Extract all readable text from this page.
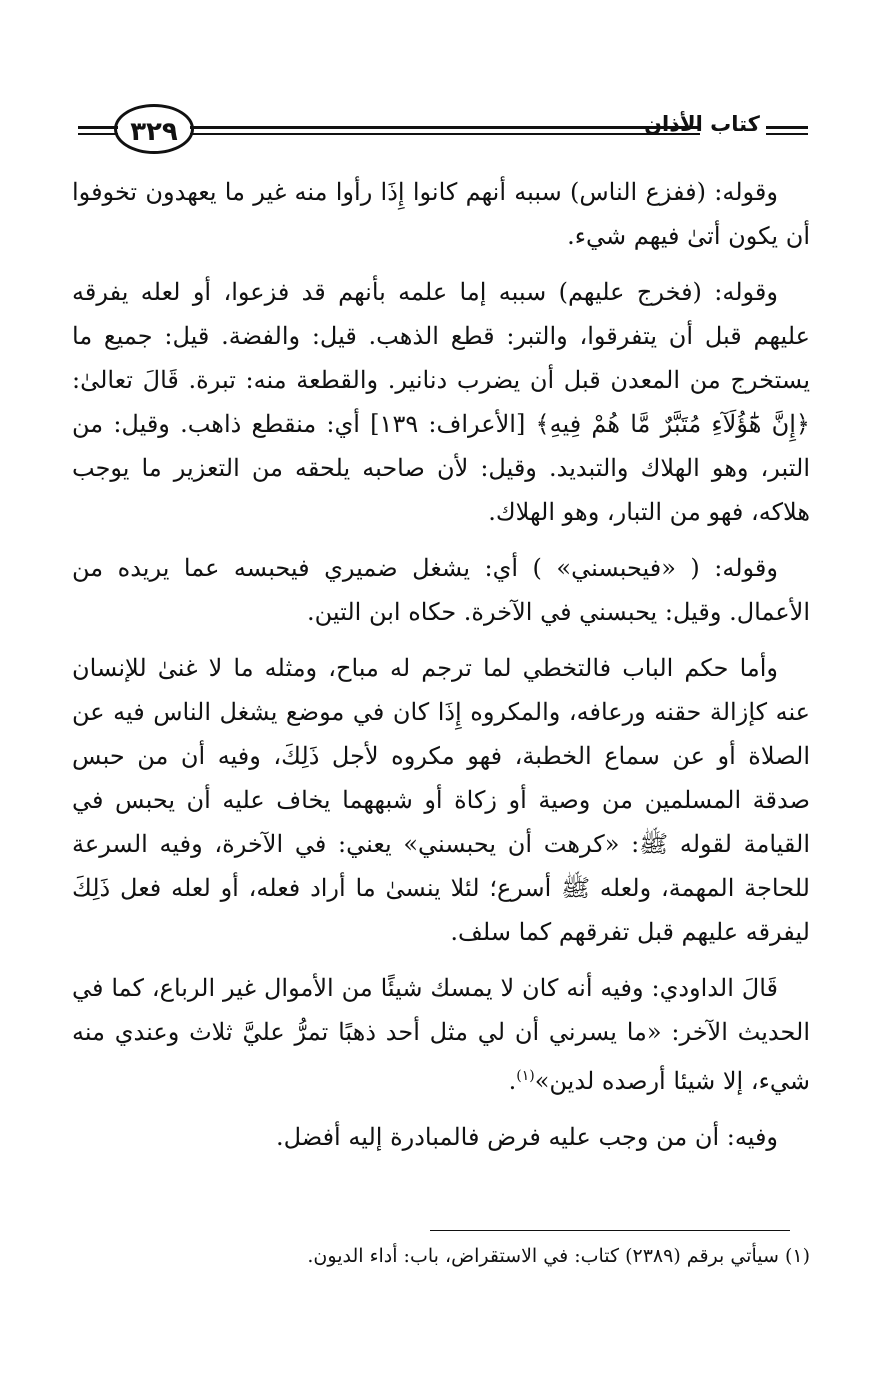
٣٢٩	كتاب الأذان

وقوله: (ففزع الناس) سببه أنهم كانوا إِذَا رأوا منه غير ما يعهدون تخوفوا أن يكون أتىٰ فيهم شيء.

وقوله: (فخرج عليهم) سببه إما علمه بأنهم قد فزعوا، أو لعله يفرقه عليهم قبل أن يتفرقوا، والتبر: قطع الذهب. قيل: والفضة. قيل: جميع ما يستخرج من المعدن قبل أن يضرب دنانير. والقطعة منه: تبرة. قَالَ تعالىٰ: ﴿إِنَّ هَٰٓؤُلَآءِ مُتَبَّرٌ مَّا هُمْ فِيهِ﴾ [الأعراف: ١٣٩] أي: منقطع ذاهب. وقيل: من التبر، وهو الهلاك والتبديد. وقيل: لأن صاحبه يلحقه من التعزير ما يوجب هلاكه، فهو من التبار، وهو الهلاك.

وقوله: ( «فيحبسني» ) أي: يشغل ضميري فيحبسه عما يريده من الأعمال. وقيل: يحبسني في الآخرة. حكاه ابن التين.

وأما حكم الباب فالتخطي لما ترجم له مباح، ومثله ما لا غنىٰ للإنسان عنه كإزالة حقنه ورعافه، والمكروه إِذَا كان في موضع يشغل الناس فيه عن الصلاة أو عن سماع الخطبة، فهو مكروه لأجل ذَلِكَ، وفيه أن من حبس صدقة المسلمين من وصية أو زكاة أو شبههما يخاف عليه أن يحبس في القيامة لقوله ﷺ: «كرهت أن يحبسني» يعني: في الآخرة، وفيه السرعة للحاجة المهمة، ولعله ﷺ أسرع؛ لئلا ينسىٰ ما أراد فعله، أو لعله فعل ذَلِكَ ليفرقه عليهم قبل تفرقهم كما سلف.

قَالَ الداودي: وفيه أنه كان لا يمسك شيئًا من الأموال غير الرباع، كما في الحديث الآخر: «ما يسرني أن لي مثل أحد ذهبًا تمرُّ عليَّ ثلاث وعندي منه شيء، إلا شيئا أرصده لدين»$^{(١)}$.

وفيه: أن من وجب عليه فرض فالمبادرة إليه أفضل.

(١) سيأتي برقم (٢٣٨٩) كتاب: في الاستقراض، باب: أداء الديون.
